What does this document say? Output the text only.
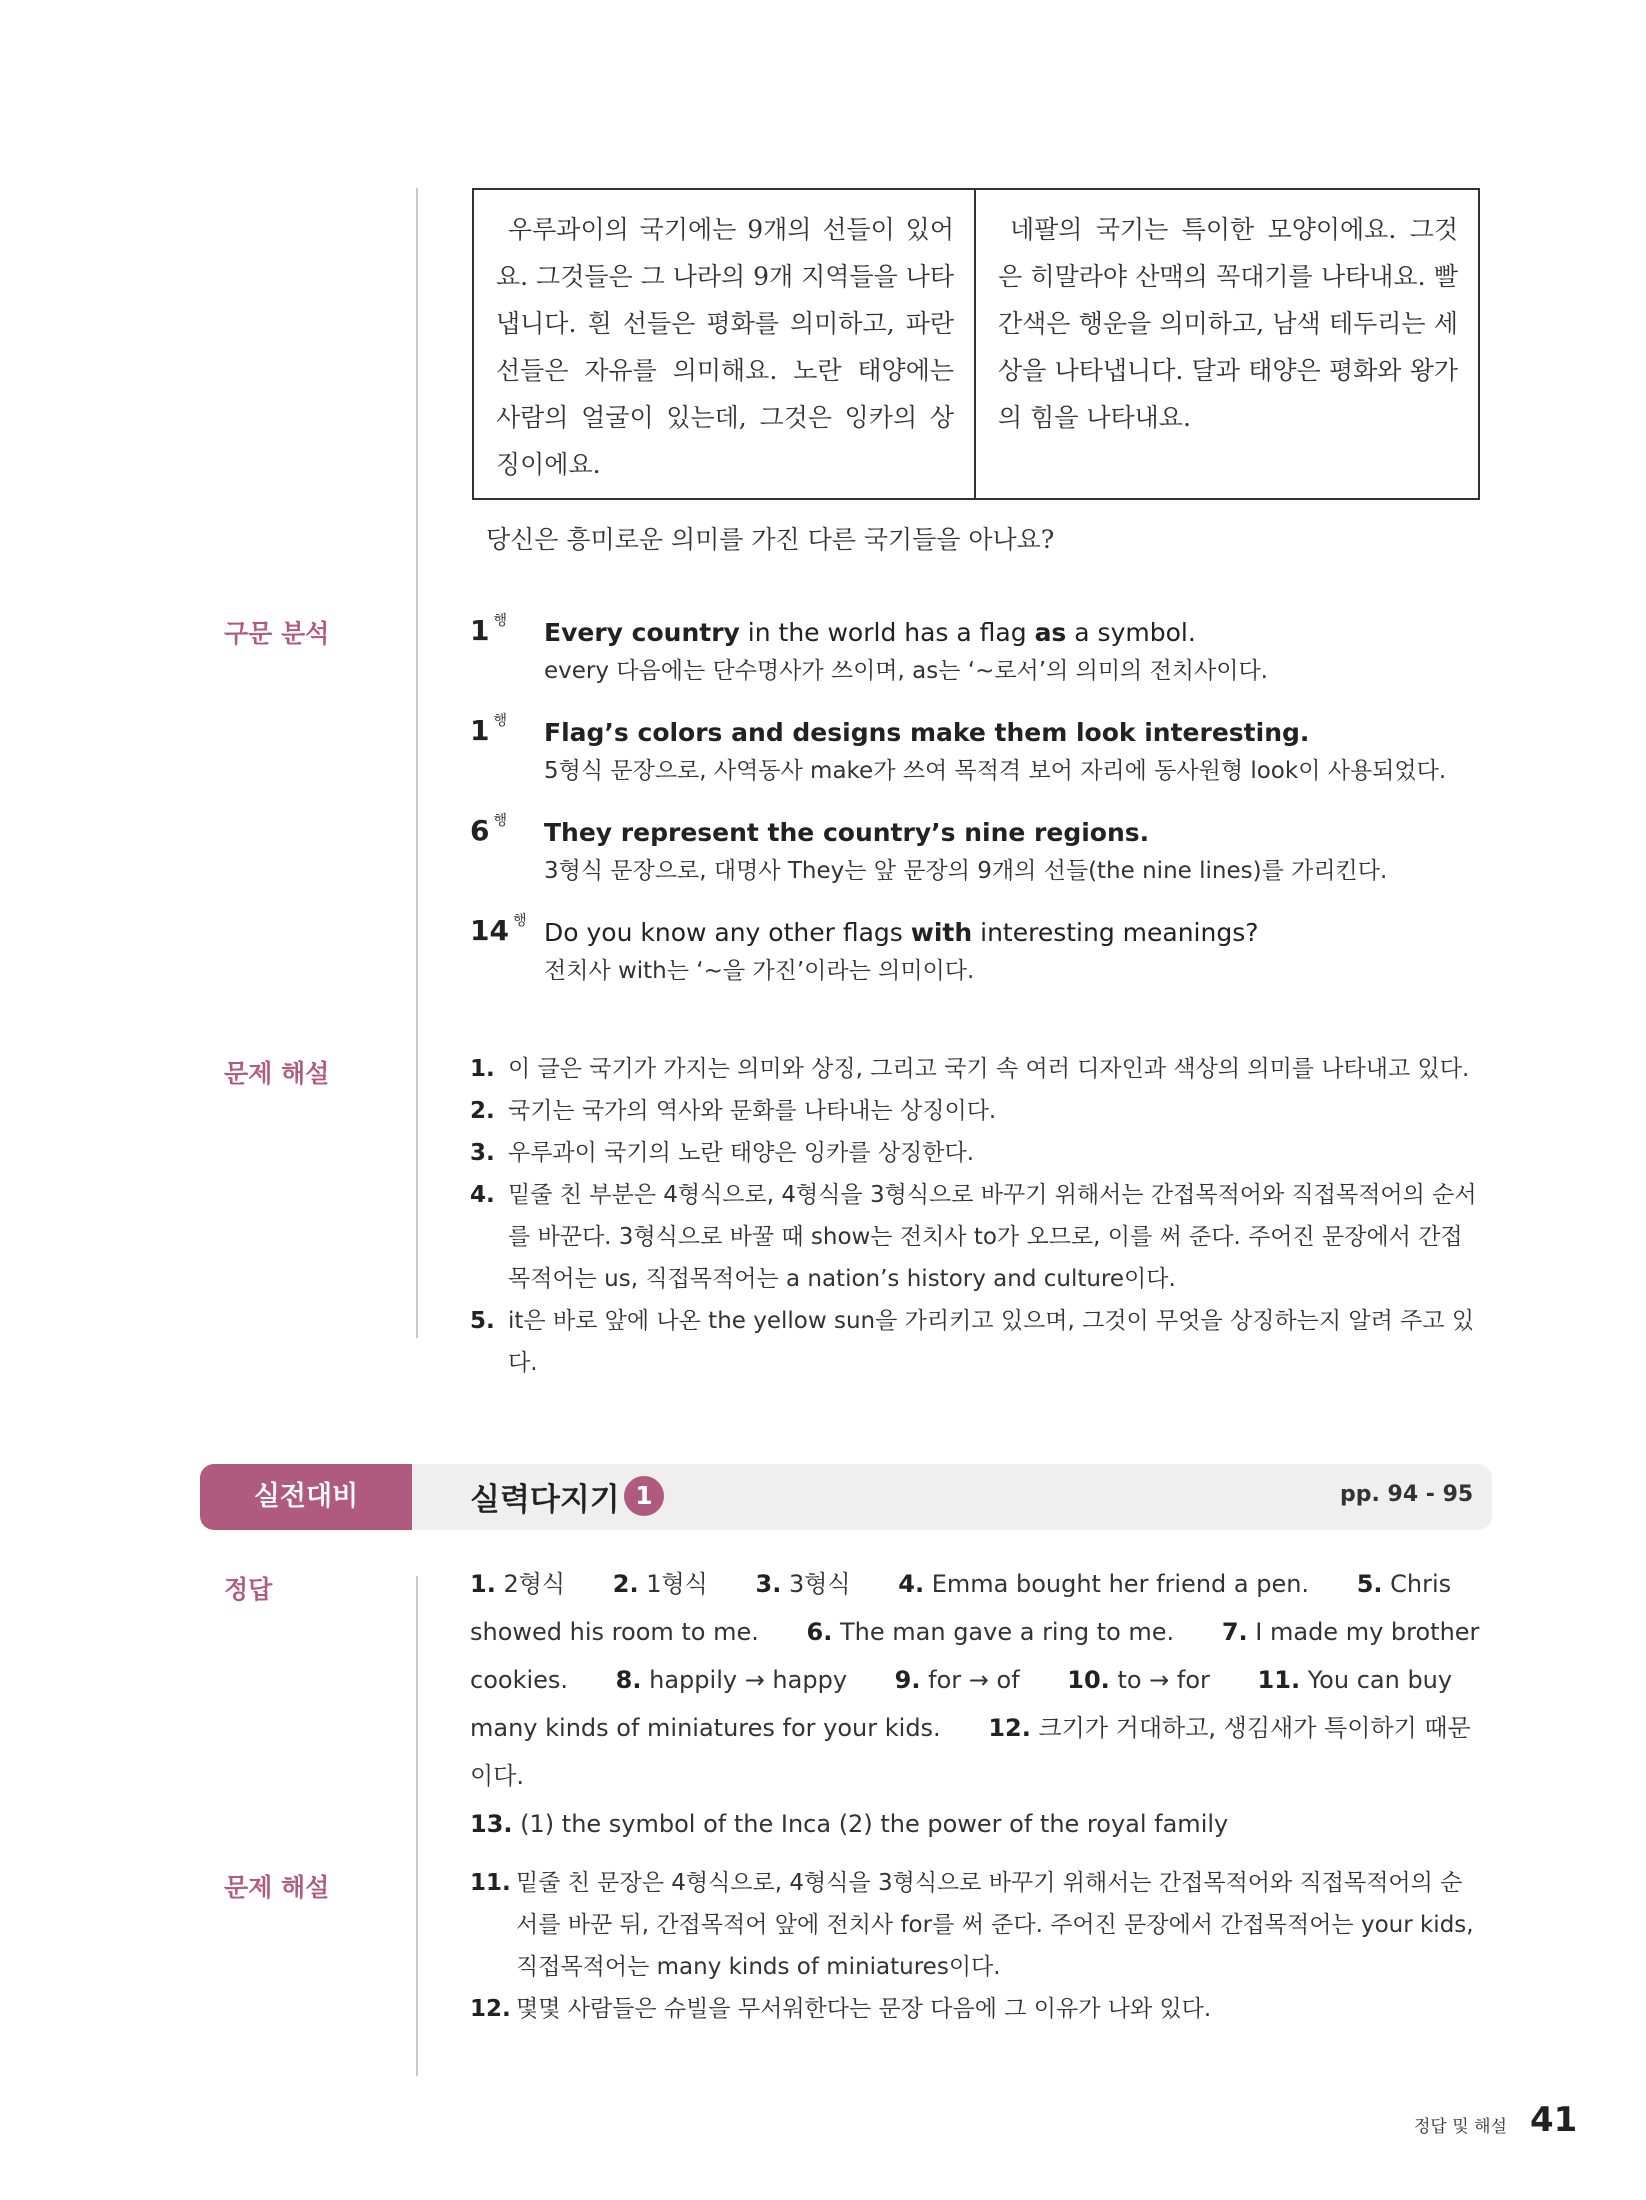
우루과이의 국기에는 9개의 선들이 있어요. 그것들은 그 나라의 9개 지역들을 나타냅니다. 흰 선들은 평화를 의미하고, 파란 선들은 자유를 의미해요. 노란 태양에는 사람의 얼굴이 있는데, 그것은 잉카의 상징이에요.
네팔의 국기는 특이한 모양이에요. 그것은 히말라야 산맥의 꼭대기를 나타내요. 빨간색은 행운을 의미하고, 남색 테두리는 세상을 나타냅니다. 달과 태양은 평화와 왕가의 힘을 나타내요.
당신은 흥미로운 의미를 가진 다른 국기들을 아나요?
구문 분석	1 $^행$ Every country in the world has a flag as a symbol.
every 다음에는 단수명사가 쓰이며, as는 ‘~로서’의 의미의 전치사이다.
1 $^행$ Flag’s colors and designs make them look interesting.
5형식 문장으로, 사역동사 make가 쓰여 목적격 보어 자리에 동사원형 look이 사용되었다.
6 $^행$ They represent the country’s nine regions.
3형식 문장으로, 대명사 They는 앞 문장의 9개의 선들(the nine lines)를 가리킨다.
14 $^행$ Do you know any other flags with interesting meanings?
전치사 with는 ‘~을 가진’이라는 의미이다.
문제 해설	1. 이 글은 국기가 가지는 의미와 상징, 그리고 국기 속 여러 디자인과 색상의 의미를 나타내고 있다.
2. 국기는 국가의 역사와 문화를 나타내는 상징이다.
3. 우루과이 국기의 노란 태양은 잉카를 상징한다.
4. 밑줄 친 부분은 4형식으로, 4형식을 3형식으로 바꾸기 위해서는 간접목적어와 직접목적어의 순서를 바꾼다. 3형식으로 바꿀 때 show는 전치사 to가 오므로, 이를 써 준다. 주어진 문장에서 간접목적어는 us, 직접목적어는 a nation’s history and culture이다.
5. it은 바로 앞에 나온 the yellow sun을 가리키고 있으며, 그것이 무엇을 상징하는지 알려 주고 있다.
실전대비	실력다지기 1	pp. 94 - 95
정답	1. 2형식 2. 1형식 3. 3형식 4. Emma bought her friend a pen. 5. Chris showed his room to me. 6. The man gave a ring to me. 7. I made my brother cookies. 8. happily → happy 9. for → of 10. to → for 11. You can buy many kinds of miniatures for your kids. 12. 크기가 거대하고, 생김새가 특이하기 때문이다.
13. (1) the symbol of the Inca (2) the power of the royal family
문제 해설	11. 밑줄 친 문장은 4형식으로, 4형식을 3형식으로 바꾸기 위해서는 간접목적어와 직접목적어의 순서를 바꾼 뒤, 간접목적어 앞에 전치사 for를 써 준다. 주어진 문장에서 간접목적어는 your kids, 직접목적어는 many kinds of miniatures이다.
12. 몇몇 사람들은 슈빌을 무서워한다는 문장 다음에 그 이유가 나와 있다.
정답 및 해설 41
